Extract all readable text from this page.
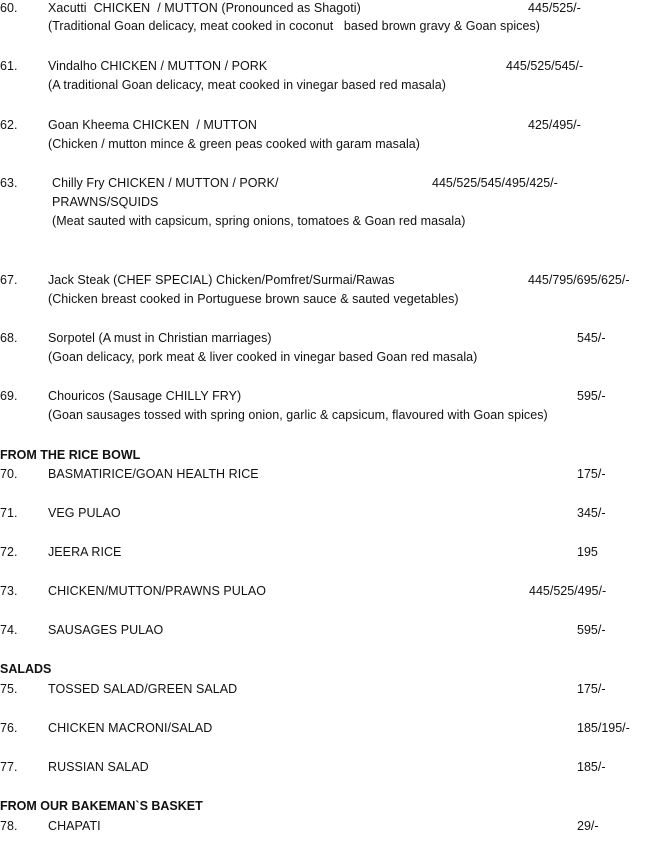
60. Xacutti  CHICKEN  / MUTTON (Pronounced as Shagoti)	445/525/-
(Traditional Goan delicacy, meat cooked in coconut   based brown gravy & Goan spices)
61. Vindalho CHICKEN / MUTTON / PORK	445/525/545/-
(A traditional Goan delicacy, meat cooked in vinegar based red masala)
62. Goan Kheema CHICKEN  / MUTTON	425/495/-
(Chicken / mutton mince & green peas cooked with garam masala)
63.	Chilly Fry CHICKEN / MUTTON / PORK/	445/525/545/495/425/-
PRAWNS/SQUIDS
(Meat sauted with capsicum, spring onions, tomatoes & Goan red masala)
67. Jack Steak (CHEF SPECIAL) Chicken/Pomfret/Surmai/Rawas	445/795/695/625/-
(Chicken breast cooked in Portuguese brown sauce & sauted vegetables)
68. Sorpotel (A must in Christian marriages)	545/-
(Goan delicacy, pork meat & liver cooked in vinegar based Goan red masala)
69. Chouricos (Sausage CHILLY FRY)	595/-
(Goan sausages tossed with spring onion, garlic & capsicum, flavoured with Goan spices)
FROM THE RICE BOWL
70. BASMATIRICE/GOAN HEALTH RICE	175/-
71. VEG PULAO	345/-
72. JEERA RICE	195
73. CHICKEN/MUTTON/PRAWNS PULAO	445/525/495/-
74. SAUSAGES PULAO	595/-
SALADS
75. TOSSED SALAD/GREEN SALAD	175/-
76. CHICKEN MACRONI/SALAD	185/195/-
77. RUSSIAN SALAD	185/-
FROM OUR BAKEMAN`S BASKET
78. CHAPATI	29/-
